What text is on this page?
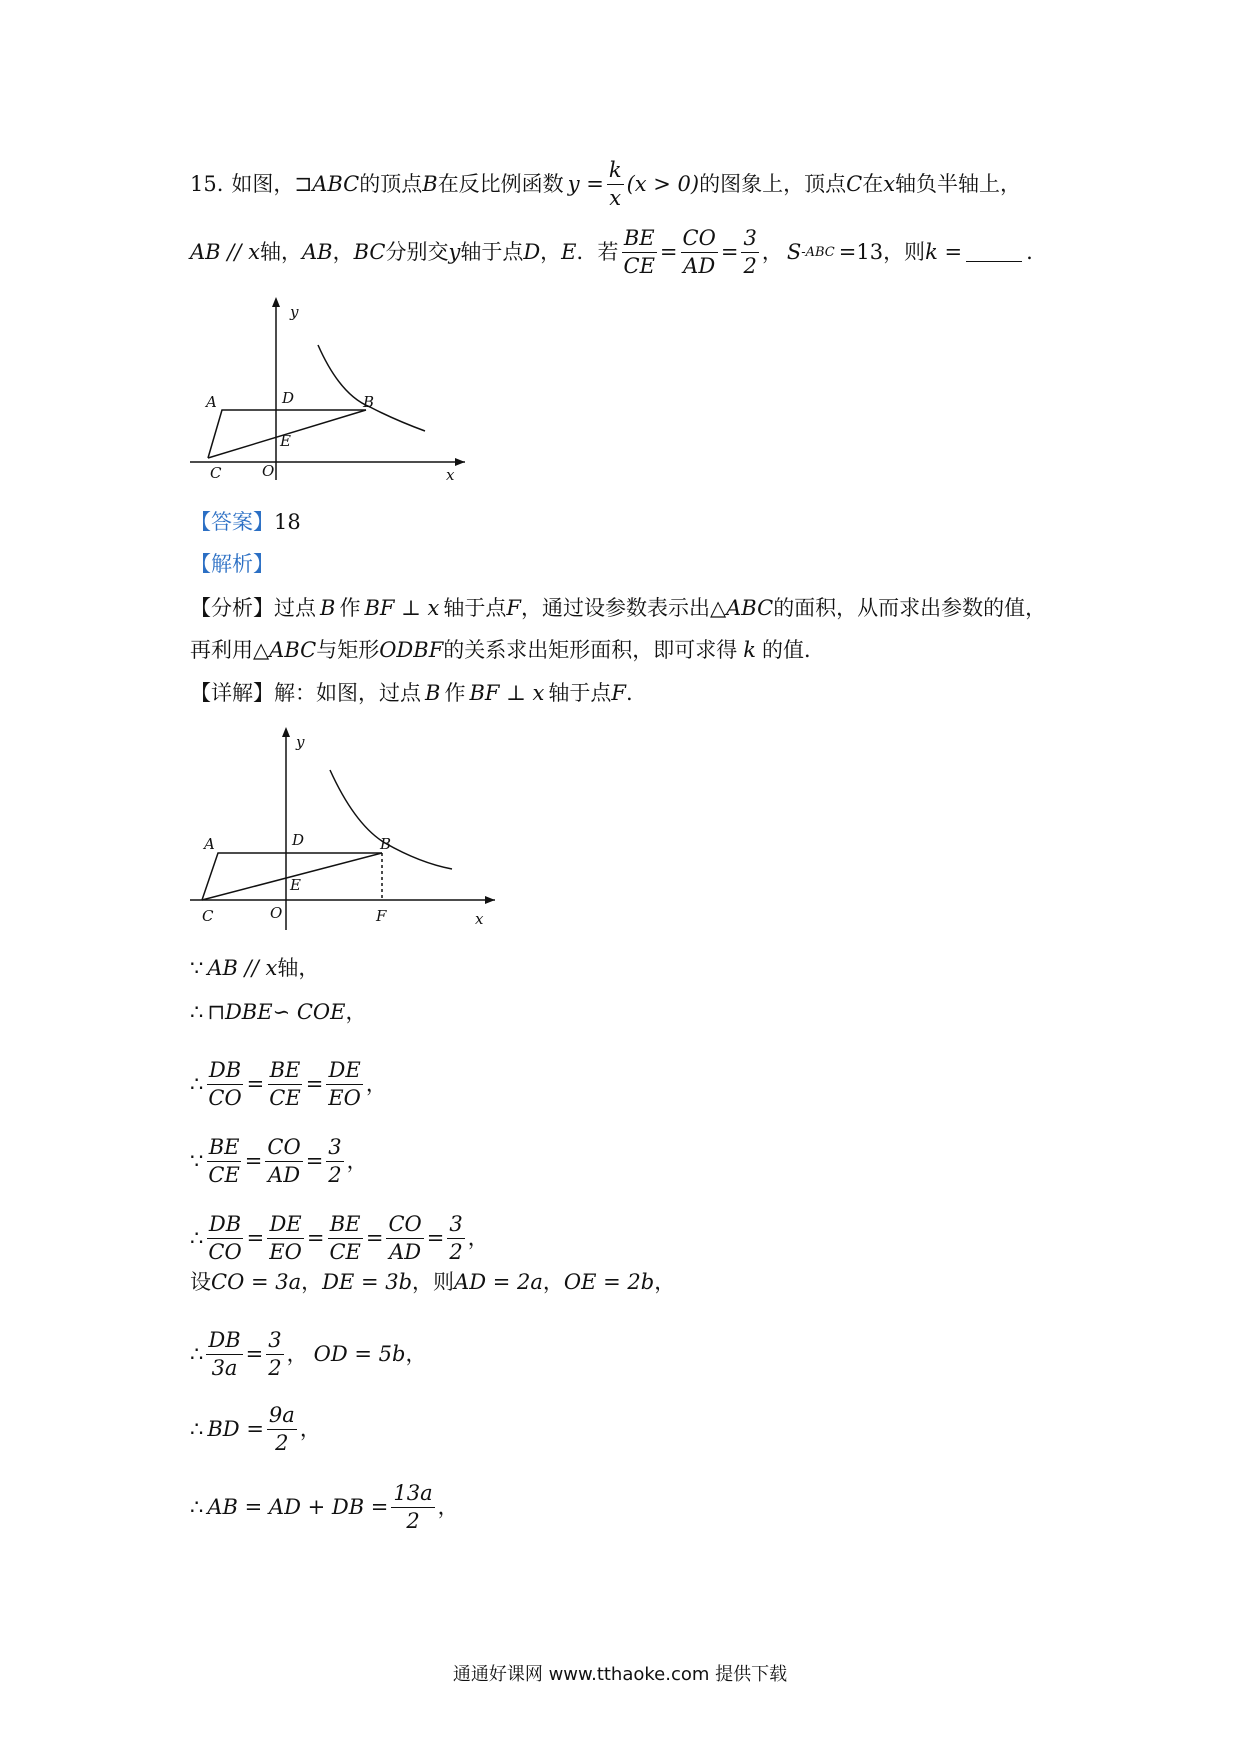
15. 如图， ⊐ ABC 的顶点 B 在反比例函数 $y = \frac{k}{x} (x > 0)$ 的图象上，顶点 C 在 x 轴负半轴上，
AB // x 轴， AB ， BC 分别交 y 轴于点 D ， E ．若 $\frac{BE}{CE} = \frac{CO}{AD} = \frac{3}{2}$ ， S -ABC =13 ，则 k =	.
y
A	D	B
E
C	O	x
【答案】 18
【解析】
【分析】 过点 B 作 BF ⊥ x 轴于点 F ，通过设参数表示出△ ABC 的面积，从而求出参数的值，
再利用△ ABC 与矩形 ODBF 的关系求出矩形面积，即可求得 k 的值．
【详解】 解：如图，过点 B 作 BF ⊥ x 轴于点 F .
y
A	D	B
E
C	O	F	x
∵ AB // x 轴，
∴ ⊓DBE∽ COE ，
∴ $\frac{DB}{CO} = \frac{BE}{CE} = \frac{DE}{EO}$ ，
∵ $\frac{BE}{CE} = \frac{CO}{AD} = \frac{3}{2}$ ，
∴ $\frac{DB}{CO} = \frac{DE}{EO} = \frac{BE}{CE} = \frac{CO}{AD} = \frac{3}{2}$ ，
设 CO = 3a ， DE = 3b ，则 AD = 2a ， OE = 2b ，
∴ $\frac{DB}{3a} = \frac{3}{2}$ ， OD = 5b ，
∴ BD = $\frac{9a}{2}$ ，
∴ AB = AD + DB = $\frac{13a}{2}$ ，
通通好课网 www.tthaoke.com 提供下载
